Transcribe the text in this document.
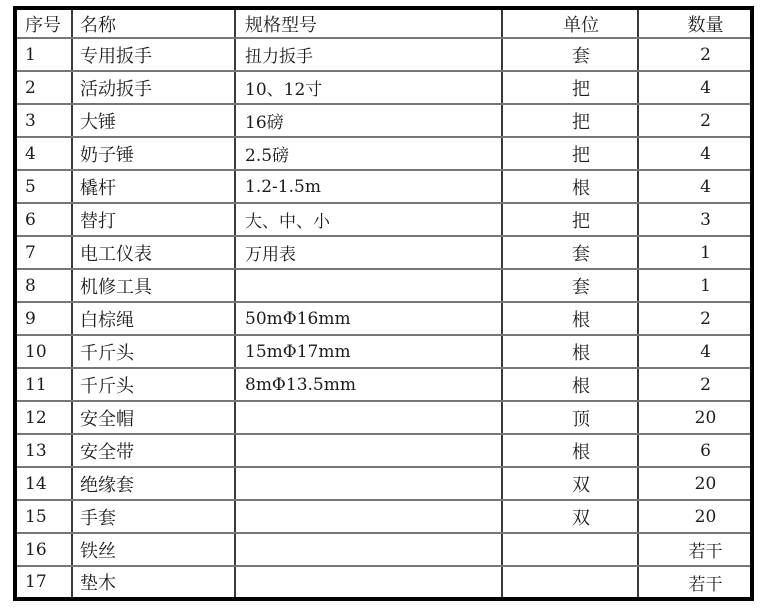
序号	名称	规格型号	单位	数量
1	专用扳手	扭力扳手	套	2
2	活动扳手	10、12寸	把	4
3	大锤	16磅	把	2
4	奶子锤	2.5磅	把	4
5	橇杆	1.2-1.5m	根	4
6	替打	大、中、小	把	3
7	电工仪表	万用表	套	1
8	机修工具		套	1
9	白棕绳	50mΦ16mm	根	2
10	千斤头	15mΦ17mm	根	4
11	千斤头	8mΦ13.5mm	根	2
12	安全帽		顶	20
13	安全带		根	6
14	绝缘套		双	20
15	手套		双	20
16	铁丝			若干
17	垫木			若干
